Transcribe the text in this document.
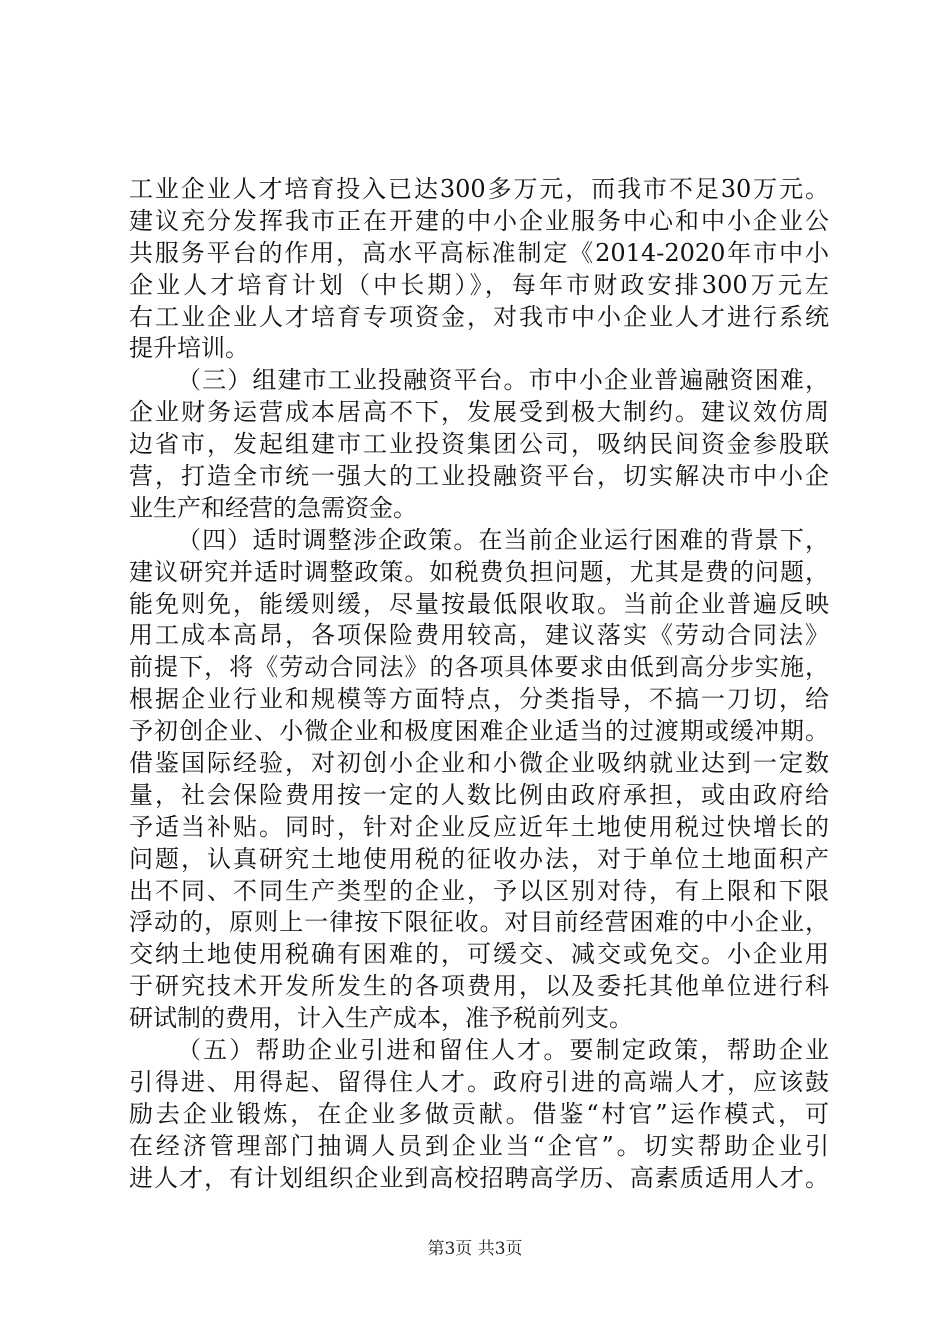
工业企业人才培育投入已达300多万元，而我市不足30万元。
建议充分发挥我市正在开建的中小企业服务中心和中小企业公
共服务平台的作用，高水平高标准制定《2014-2020年市中小
企业人才培育计划（中长期）》，每年市财政安排300万元左
右工业企业人才培育专项资金，对我市中小企业人才进行系统
提升培训。
（三）组建市工业投融资平台。市中小企业普遍融资困难，
企业财务运营成本居高不下，发展受到极大制约。建议效仿周
边省市，发起组建市工业投资集团公司，吸纳民间资金参股联
营，打造全市统一强大的工业投融资平台，切实解决市中小企
业生产和经营的急需资金。
（四）适时调整涉企政策。在当前企业运行困难的背景下，
建议研究并适时调整政策。如税费负担问题，尤其是费的问题，
能免则免，能缓则缓，尽量按最低限收取。当前企业普遍反映
用工成本高昂，各项保险费用较高，建议落实《劳动合同法》
前提下，将《劳动合同法》的各项具体要求由低到高分步实施，
根据企业行业和规模等方面特点，分类指导，不搞一刀切，给
予初创企业、小微企业和极度困难企业适当的过渡期或缓冲期。
借鉴国际经验，对初创小企业和小微企业吸纳就业达到一定数
量，社会保险费用按一定的人数比例由政府承担，或由政府给
予适当补贴。同时，针对企业反应近年土地使用税过快增长的
问题，认真研究土地使用税的征收办法，对于单位土地面积产
出不同、不同生产类型的企业，予以区别对待，有上限和下限
浮动的，原则上一律按下限征收。对目前经营困难的中小企业，
交纳土地使用税确有困难的，可缓交、减交或免交。小企业用
于研究技术开发所发生的各项费用，以及委托其他单位进行科
研试制的费用，计入生产成本，准予税前列支。
（五）帮助企业引进和留住人才。要制定政策，帮助企业
引得进、用得起、留得住人才。政府引进的高端人才，应该鼓
励去企业锻炼，在企业多做贡献。借鉴“村官”运作模式，可
在经济管理部门抽调人员到企业当“企官”。切实帮助企业引
进人才，有计划组织企业到高校招聘高学历、高素质适用人才。
第3页 共3页
